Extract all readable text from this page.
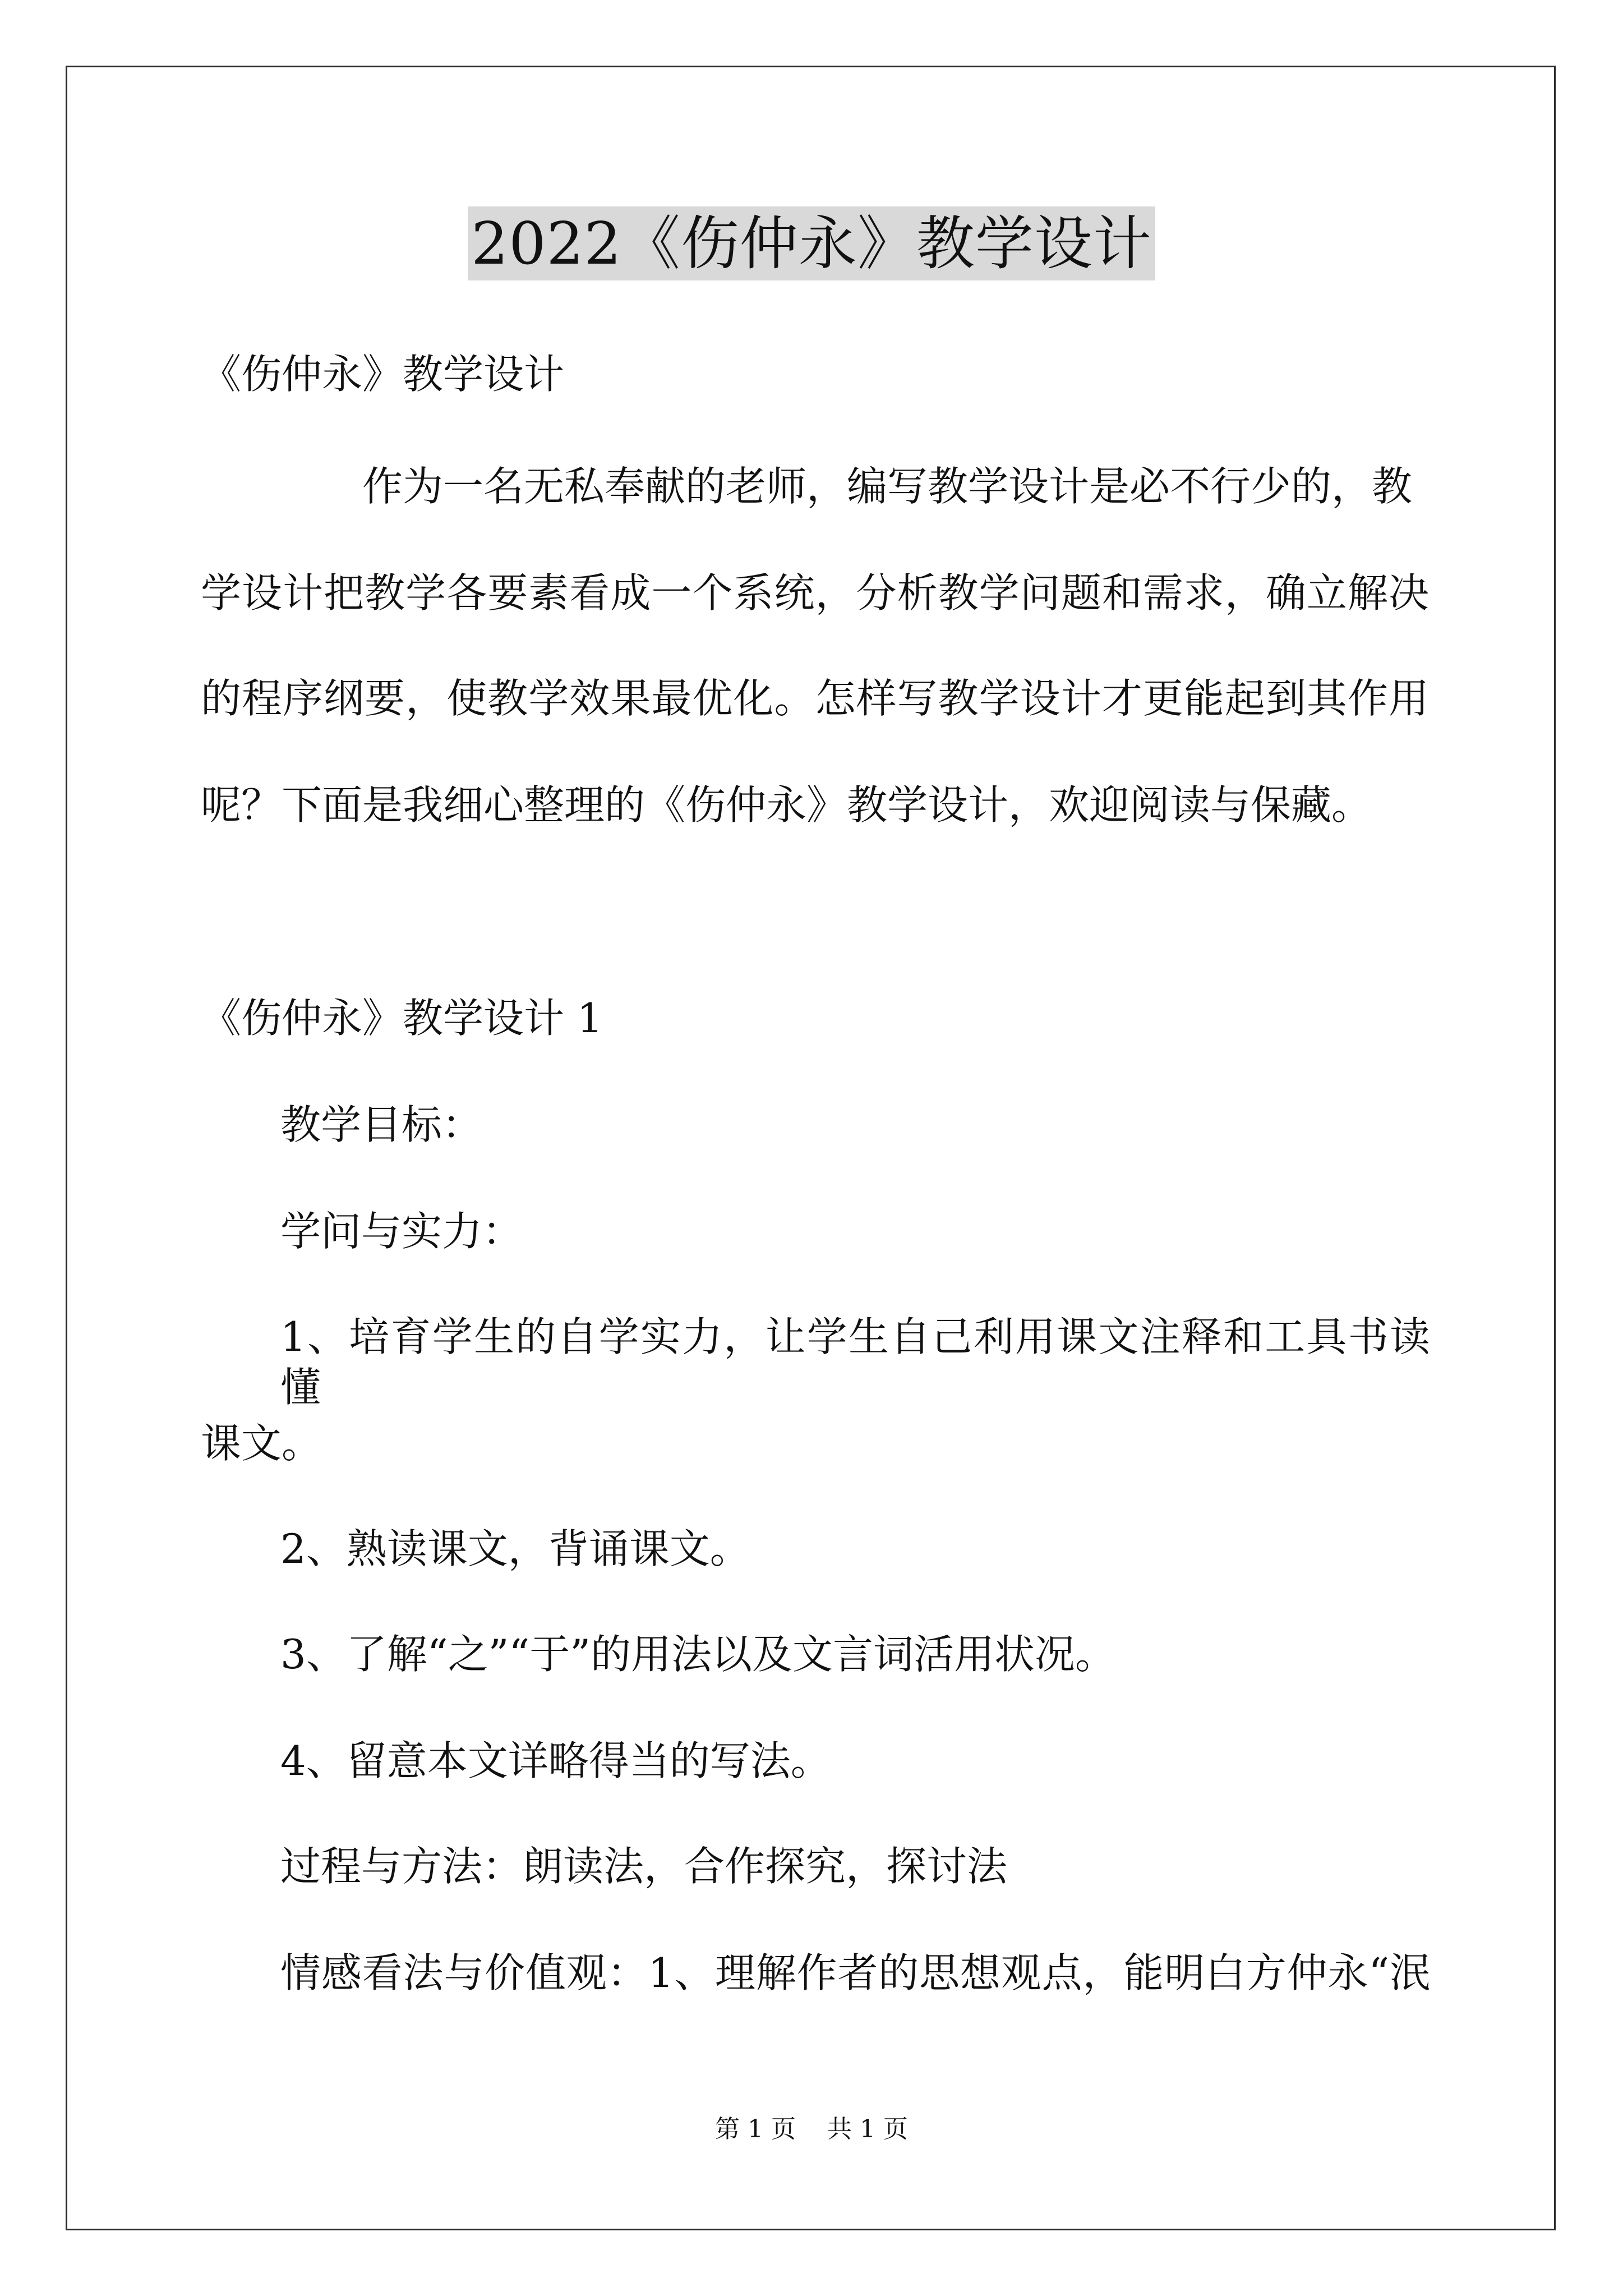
2022《伤仲永》教学设计
《伤仲永》教学设计
作为一名无私奉献的老师，编写教学设计是必不行少的，教
学设计把教学各要素看成一个系统，分析教学问题和需求，确立解决
的程序纲要，使教学效果最优化。怎样写教学设计才更能起到其作用
呢？下面是我细心整理的《伤仲永》教学设计，欢迎阅读与保藏。
《伤仲永》教学设计 1
教学目标：
学问与实力：
1、培育学生的自学实力，让学生自己利用课文注释和工具书读懂
课文。
2、熟读课文，背诵课文。
3、了解“之”“于”的用法以及文言词活用状况。
4、留意本文详略得当的写法。
过程与方法：朗读法，合作探究，探讨法
情感看法与价值观：1、理解作者的思想观点，能明白方仲永“泯
第 1 页    共 1 页
